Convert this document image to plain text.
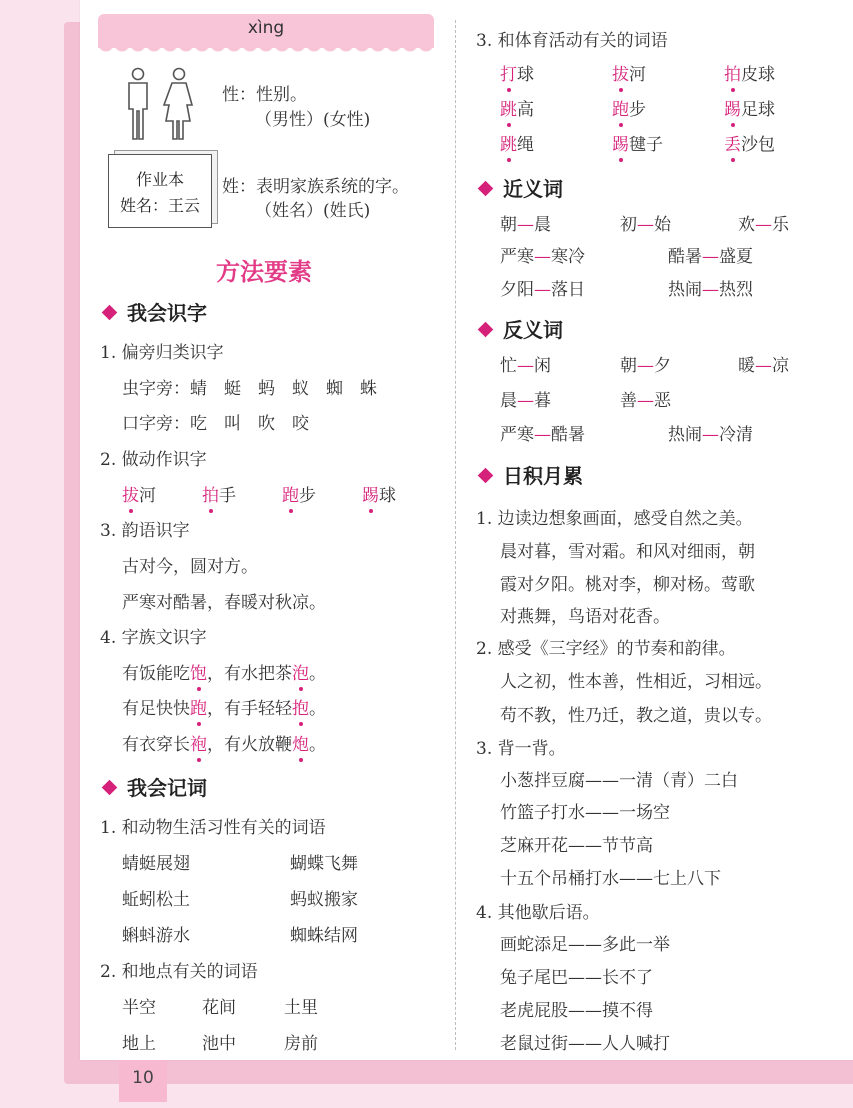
10
xìng
性：性别。
（男性）(女性)
作业本
姓名：王云
姓：表明家族系统的字。
（姓名）(姓氏)
方法要素
我会识字
1. 偏旁归类识字
虫字旁：蜻　蜓　蚂　蚁　蜘　蛛
口字旁：吃　叫　吹　咬
2. 做动作识字
拔河	拍手	跑步	踢球
3. 韵语识字
古对今，圆对方。
严寒对酷暑，春暖对秋凉。
4. 字族文识字
有饭能吃饱，有水把茶泡。
有足快快跑，有手轻轻抱。
有衣穿长袍，有火放鞭炮。
我会记词
1. 和动物生活习性有关的词语
蜻蜓展翅	蝴蝶飞舞
蚯蚓松土	蚂蚁搬家
蝌蚪游水	蜘蛛结网
2. 和地点有关的词语
半空	花间	土里
地上	池中	房前
3. 和体育活动有关的词语
打球	拔河	拍皮球
跳高	跑步	踢足球
跳绳	踢毽子	丢沙包
近义词
朝—晨	初—始	欢—乐
严寒—寒冷	酷暑—盛夏
夕阳—落日	热闹—热烈
反义词
忙—闲	朝—夕	暖—凉
晨—暮	善—恶
严寒—酷暑	热闹—冷清
日积月累
1. 边读边想象画面，感受自然之美。
晨对暮，雪对霜。和风对细雨，朝
霞对夕阳。桃对李，柳对杨。莺歌
对燕舞，鸟语对花香。
2. 感受《三字经》的节奏和韵律。
人之初，性本善，性相近，习相远。
苟不教，性乃迁，教之道，贵以专。
3. 背一背。
小葱拌豆腐——一清（青）二白
竹篮子打水——一场空
芝麻开花——节节高
十五个吊桶打水——七上八下
4. 其他歇后语。
画蛇添足——多此一举
兔子尾巴——长不了
老虎屁股——摸不得
老鼠过街——人人喊打
